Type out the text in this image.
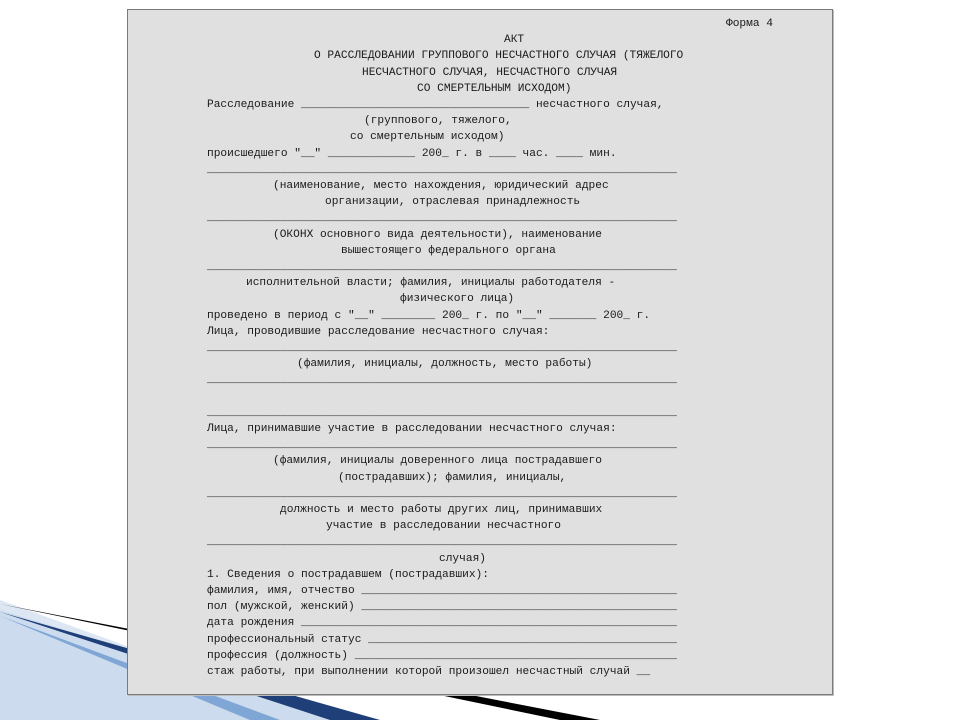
Форма 4
АКТ
О РАССЛЕДОВАНИИ ГРУППОВОГО НЕСЧАСТНОГО СЛУЧАЯ (ТЯЖЕЛОГО
НЕСЧАСТНОГО СЛУЧАЯ, НЕСЧАСТНОГО СЛУЧАЯ
СО СМЕРТЕЛЬНЫМ ИСХОДОМ)
Расследование __________________________________ несчастного случая,
(группового, тяжелого,
со смертельным исходом)
происшедшего "__" _____________ 200_ г. в ____ час. ____ мин.
______________________________________________________________________
(наименование, место нахождения, юридический адрес
организации, отраслевая принадлежность
______________________________________________________________________
(ОКОНХ основного вида деятельности), наименование
вышестоящего федерального органа
______________________________________________________________________
исполнительной власти; фамилия, инициалы работодателя -
физического лица)
проведено в период с "__" ________ 200_ г. по "__" _______ 200_ г.
Лица, проводившие расследование несчастного случая:
______________________________________________________________________
(фамилия, инициалы, должность, место работы)
______________________________________________________________________
______________________________________________________________________
Лица, принимавшие участие в расследовании несчастного случая:
______________________________________________________________________
(фамилия, инициалы доверенного лица пострадавшего
(пострадавших); фамилия, инициалы,
______________________________________________________________________
должность и место работы других лиц, принимавших
участие в расследовании несчастного
______________________________________________________________________
случая)
1. Сведения о пострадавшем (пострадавших):
фамилия, имя, отчество _______________________________________________
пол (мужской, женский) _______________________________________________
дата рождения ________________________________________________________
профессиональный статус ______________________________________________
профессия (должность) ________________________________________________
стаж работы, при выполнении которой произошел несчастный случай __
